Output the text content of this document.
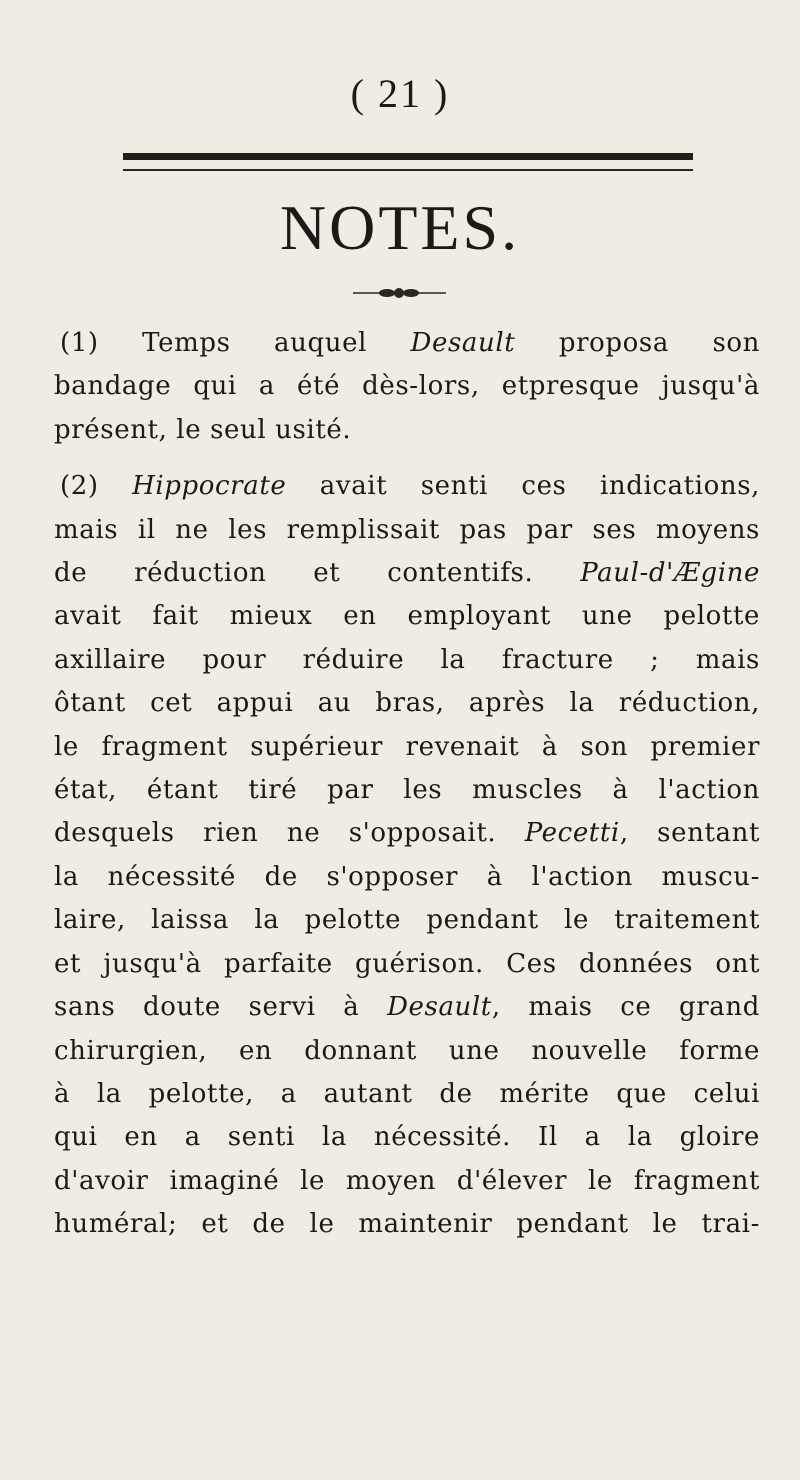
( 21 )
NOTES.
(1) Temps auquel Desault proposa son
bandage qui a été dès-lors, etpresque jusqu'à
présent, le seul usité.
(2) Hippocrate avait senti ces indications,
mais il ne les remplissait pas par ses moyens
de réduction et contentifs. Paul-d'Ægine
avait fait mieux en employant une pelotte
axillaire pour réduire la fracture ; mais
ôtant cet appui au bras, après la réduction,
le fragment supérieur revenait à son premier
état, étant tiré par les muscles à l'action
desquels rien ne s'opposait. Pecetti, sentant
la nécessité de s'opposer à l'action muscu-
laire, laissa la pelotte pendant le traitement
et jusqu'à parfaite guérison. Ces données ont
sans doute servi à Desault, mais ce grand
chirurgien, en donnant une nouvelle forme
à la pelotte, a autant de mérite que celui
qui en a senti la nécessité. Il a la gloire
d'avoir imaginé le moyen d'élever le fragment
huméral; et de le maintenir pendant le trai-
